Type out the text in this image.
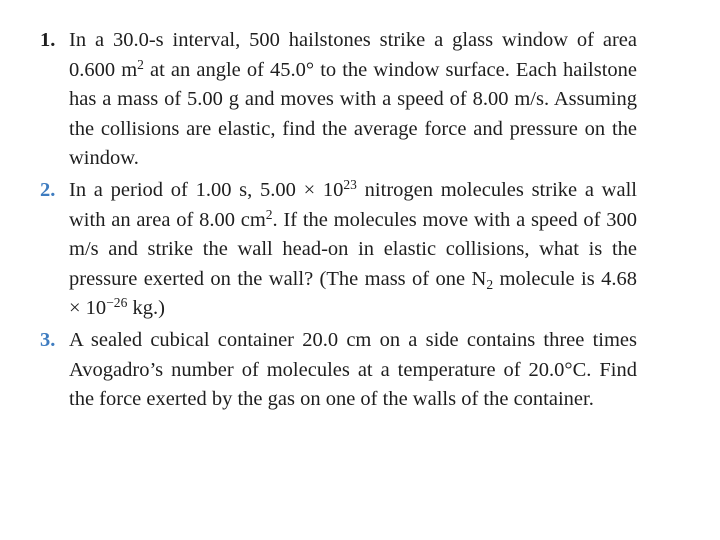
1. In a 30.0-s interval, 500 hailstones strike a glass window of area 0.600 $m^2$ at an angle of 45.0° to the window surface. Each hailstone has a mass of 5.00 g and moves with a speed of 8.00 m/s. Assuming the collisions are elastic, find the average force and pressure on the window.
2. In a period of 1.00 s, $5.00 \times 10^{23}$ nitrogen molecules strike a wall with an area of 8.00 $cm^2$. If the molecules move with a speed of 300 m/s and strike the wall head-on in elastic collisions, what is the pressure exerted on the wall? (The mass of one $N_2$ molecule is $4.68 \times 10^{-26}$ kg.)
3. A sealed cubical container 20.0 cm on a side contains three times Avogadro’s number of molecules at a temperature of 20.0°C. Find the force exerted by the gas on one of the walls of the container.
